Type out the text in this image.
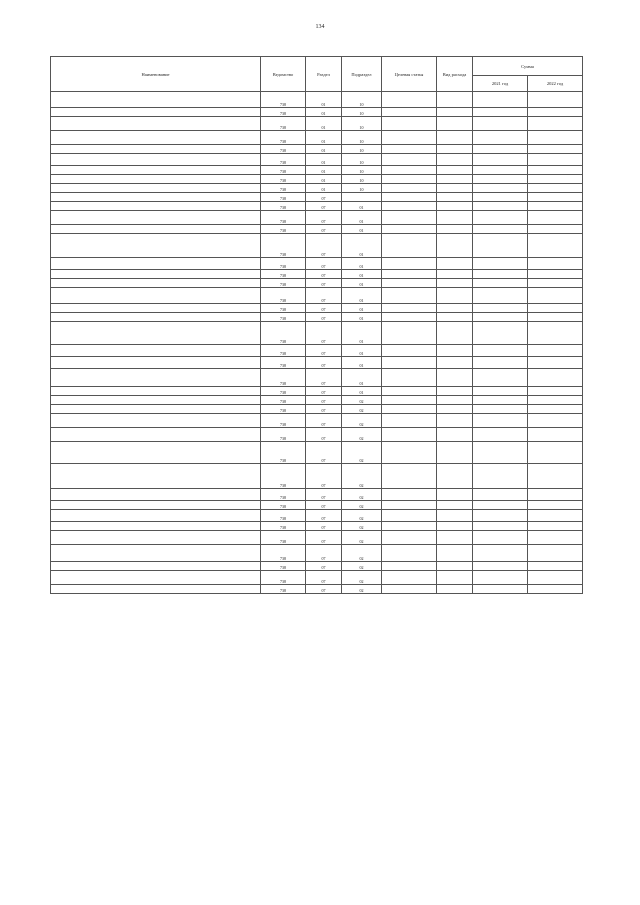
134
Наименование	Ведомство	Раздел	Подраздел	Целевая статья	Вид расхода	Сумма	
						2021 год	2022 год
	738	01	10				
	738	01	10				
	738	01	10				
	738	01	10				
	738	01	10				
	738	01	10				
	738	01	10				
	738	01	10				
	738	01	10				
	738	07					
	738	07	01				
	738	07	01				
	738	07	01				
	738	07	01				
	738	07	01				
	738	07	01				
	738	07	01				
	738	07	01				
	738	07	01				
	738	07	01				
	738	07	01				
	738	07	01				
	738	07	01				
	738	07	01				
	738	07	01				
	738	07	02				
	738	07	02				
	738	07	02				
	738	07	02				
	738	07	02				
	738	07	02				
	738	07	02				
	738	07	02				
	738	07	02				
	738	07	02				
	738	07	02				
	738	07	02				
	738	07	02				
	738	07	02				
	738	07	02				
